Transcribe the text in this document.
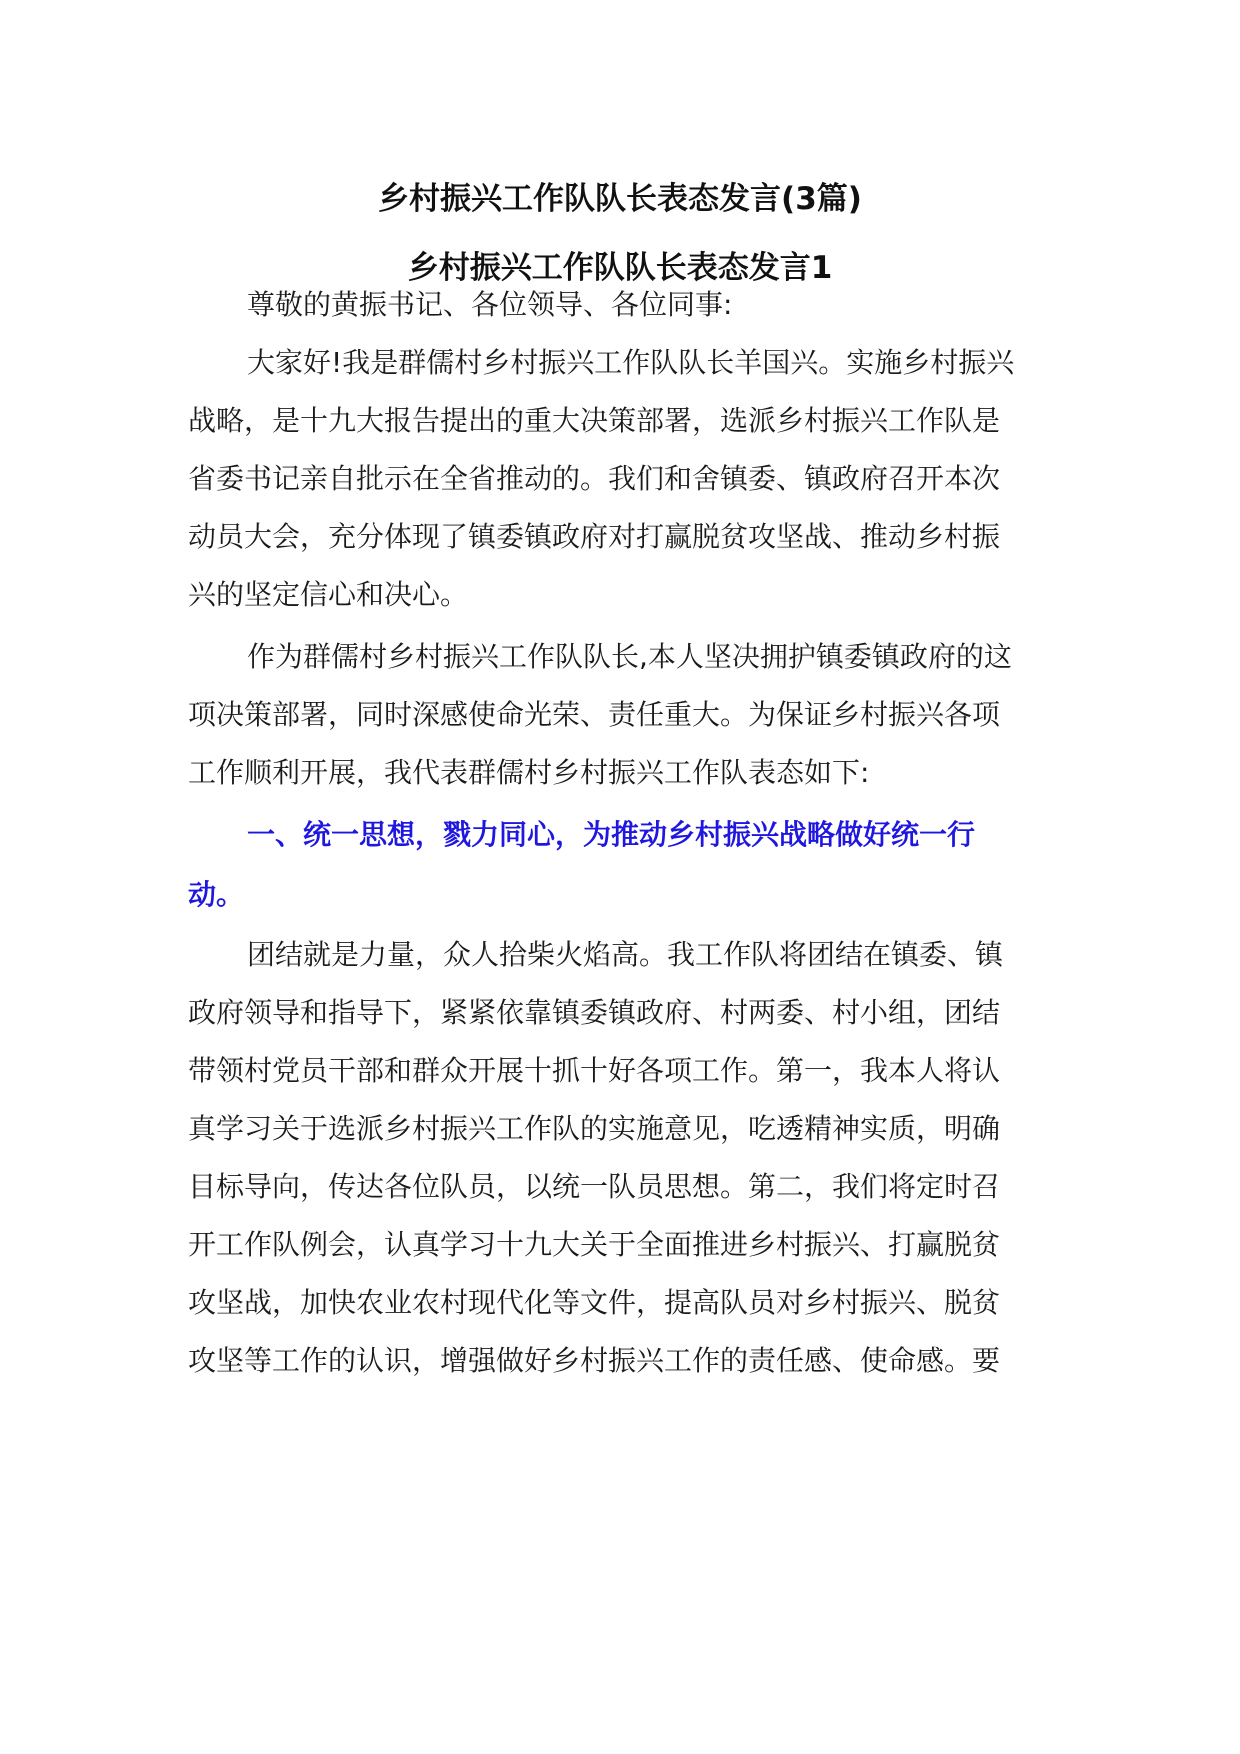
乡村振兴工作队队长表态发言(3篇)
乡村振兴工作队队长表态发言1
尊敬的黄振书记、各位领导、各位同事:
大家好!我是群儒村乡村振兴工作队队长羊国兴。实施乡村振兴
战略，是十九大报告提出的重大决策部署，选派乡村振兴工作队是
省委书记亲自批示在全省推动的。我们和舍镇委、镇政府召开本次
动员大会，充分体现了镇委镇政府对打赢脱贫攻坚战、推动乡村振
兴的坚定信心和决心。
作为群儒村乡村振兴工作队队长,本人坚决拥护镇委镇政府的这
项决策部署，同时深感使命光荣、责任重大。为保证乡村振兴各项
工作顺利开展，我代表群儒村乡村振兴工作队表态如下:
一、统一思想，戮力同心，为推动乡村振兴战略做好统一行
动。
团结就是力量，众人拾柴火焰高。我工作队将团结在镇委、镇
政府领导和指导下，紧紧依靠镇委镇政府、村两委、村小组，团结
带领村党员干部和群众开展十抓十好各项工作。第一，我本人将认
真学习关于选派乡村振兴工作队的实施意见，吃透精神实质，明确
目标导向，传达各位队员，以统一队员思想。第二，我们将定时召
开工作队例会，认真学习十九大关于全面推进乡村振兴、打赢脱贫
攻坚战，加快农业农村现代化等文件，提高队员对乡村振兴、脱贫
攻坚等工作的认识，增强做好乡村振兴工作的责任感、使命感。要
